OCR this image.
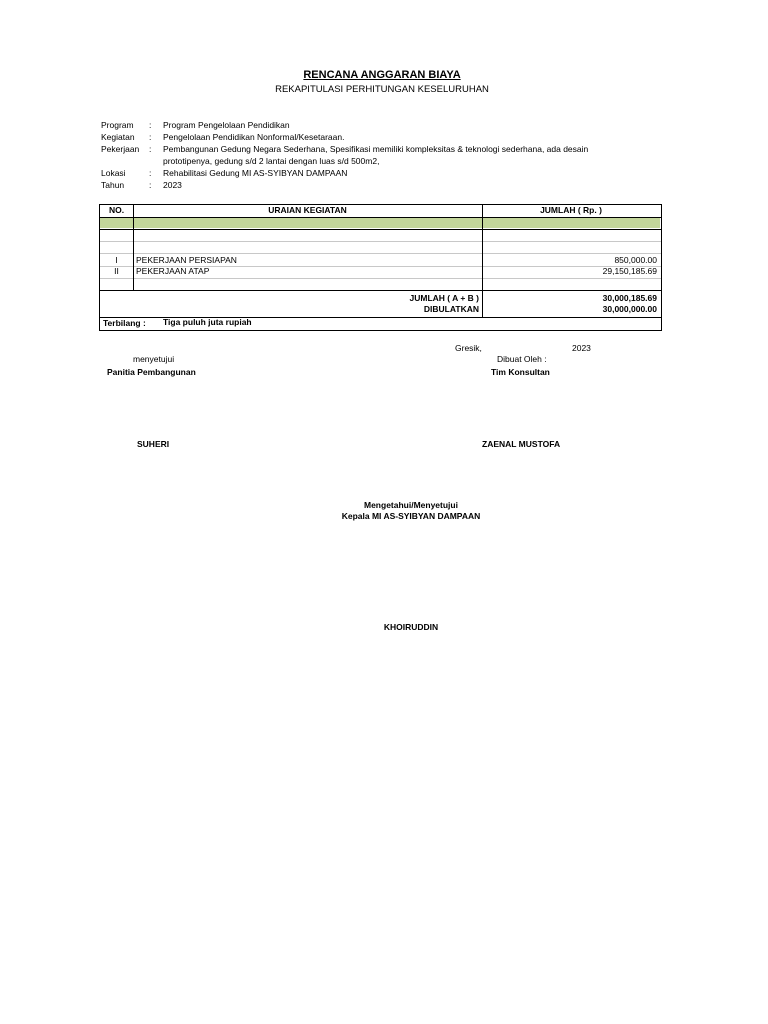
RENCANA ANGGARAN BIAYA
REKAPITULASI PERHITUNGAN KESELURUHAN
Program : Program Pengelolaan Pendidikan
Kegiatan : Pengelolaan Pendidikan Nonformal/Kesetaraan.
Pekerjaan : Pembangunan Gedung Negara Sederhana, Spesifikasi memiliki kompleksitas & teknologi sederhana, ada desain
prototipenya, gedung s/d 2 lantai dengan luas s/d 500m2,
Lokasi	: Rehabilitasi Gedung MI AS-SYIBYAN DAMPAAN
Tahun	: 2023
NO.	URAIAN KEGIATAN	JUMLAH ( Rp. )
I	PEKERJAAN PERSIAPAN	850,000.00
II	PEKERJAAN ATAP	29,150,185.69
JUMLAH ( A + B )	30,000,185.69
DIBULATKAN	30,000,000.00
Terbilang : Tiga puluh juta rupiah
Gresik,	2023
menyetujui
Panitia Pembangunan
SUHERI
Dibuat Oleh :
Tim Konsultan
ZAENAL MUSTOFA
Mengetahui/Menyetujui
Kepala MI AS-SYIBYAN DAMPAAN
KHOIRUDDIN
